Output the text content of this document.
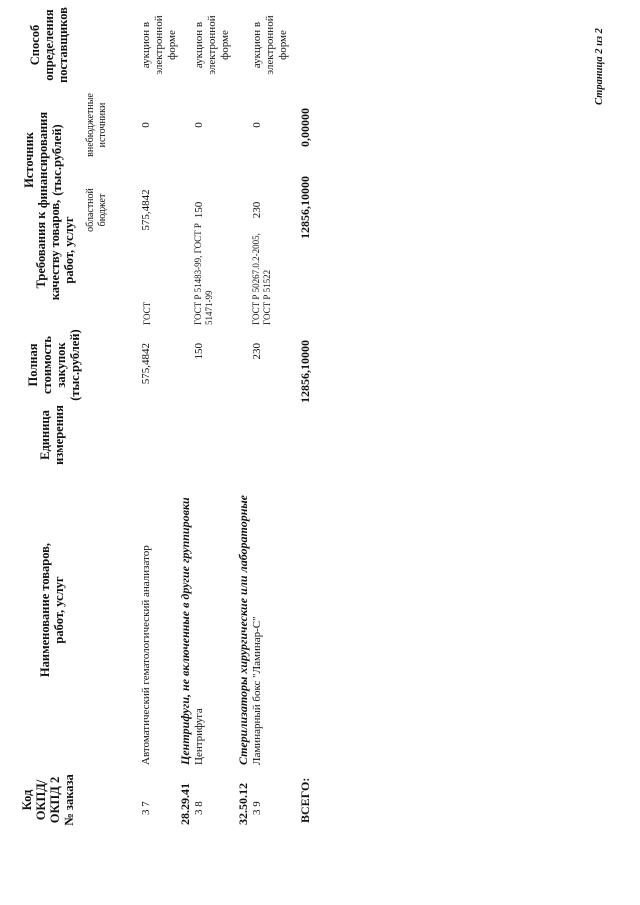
Код ОКПД/ ОКПД 2 № заказа
Наименование товаров, работ, услуг
Единица измерения
Полная стоимость закупок (тыс.рублей)
Требования к качеству товаров, работ, услуг
Источник финансирования (тыс.рублей)
областной бюджет
внебюджетные источники
Способ определения поставщиков
3 7
Автоматический гематологический анализатор
575,4842
ГОСТ
575,4842
0
аукцион в электронной форме
28.29.41
Центрифуги, не включенные в другие группировки
3 8
Центрифуга
150
ГОСТ Р 51483-99, ГОСТ Р 51471-99
150
0
аукцион в электронной форме
32.50.12
Стерилизаторы хирургические или лабораторные
3 9
Ламинарный бокс "Ламинар-С"
230
ГОСТ Р 50267.0.2-2005, ГОСТ Р 51522
230
0
аукцион в электронной форме
ВСЕГО:
12856,10000
12856,10000
0,00000
Страница 2 из 2
